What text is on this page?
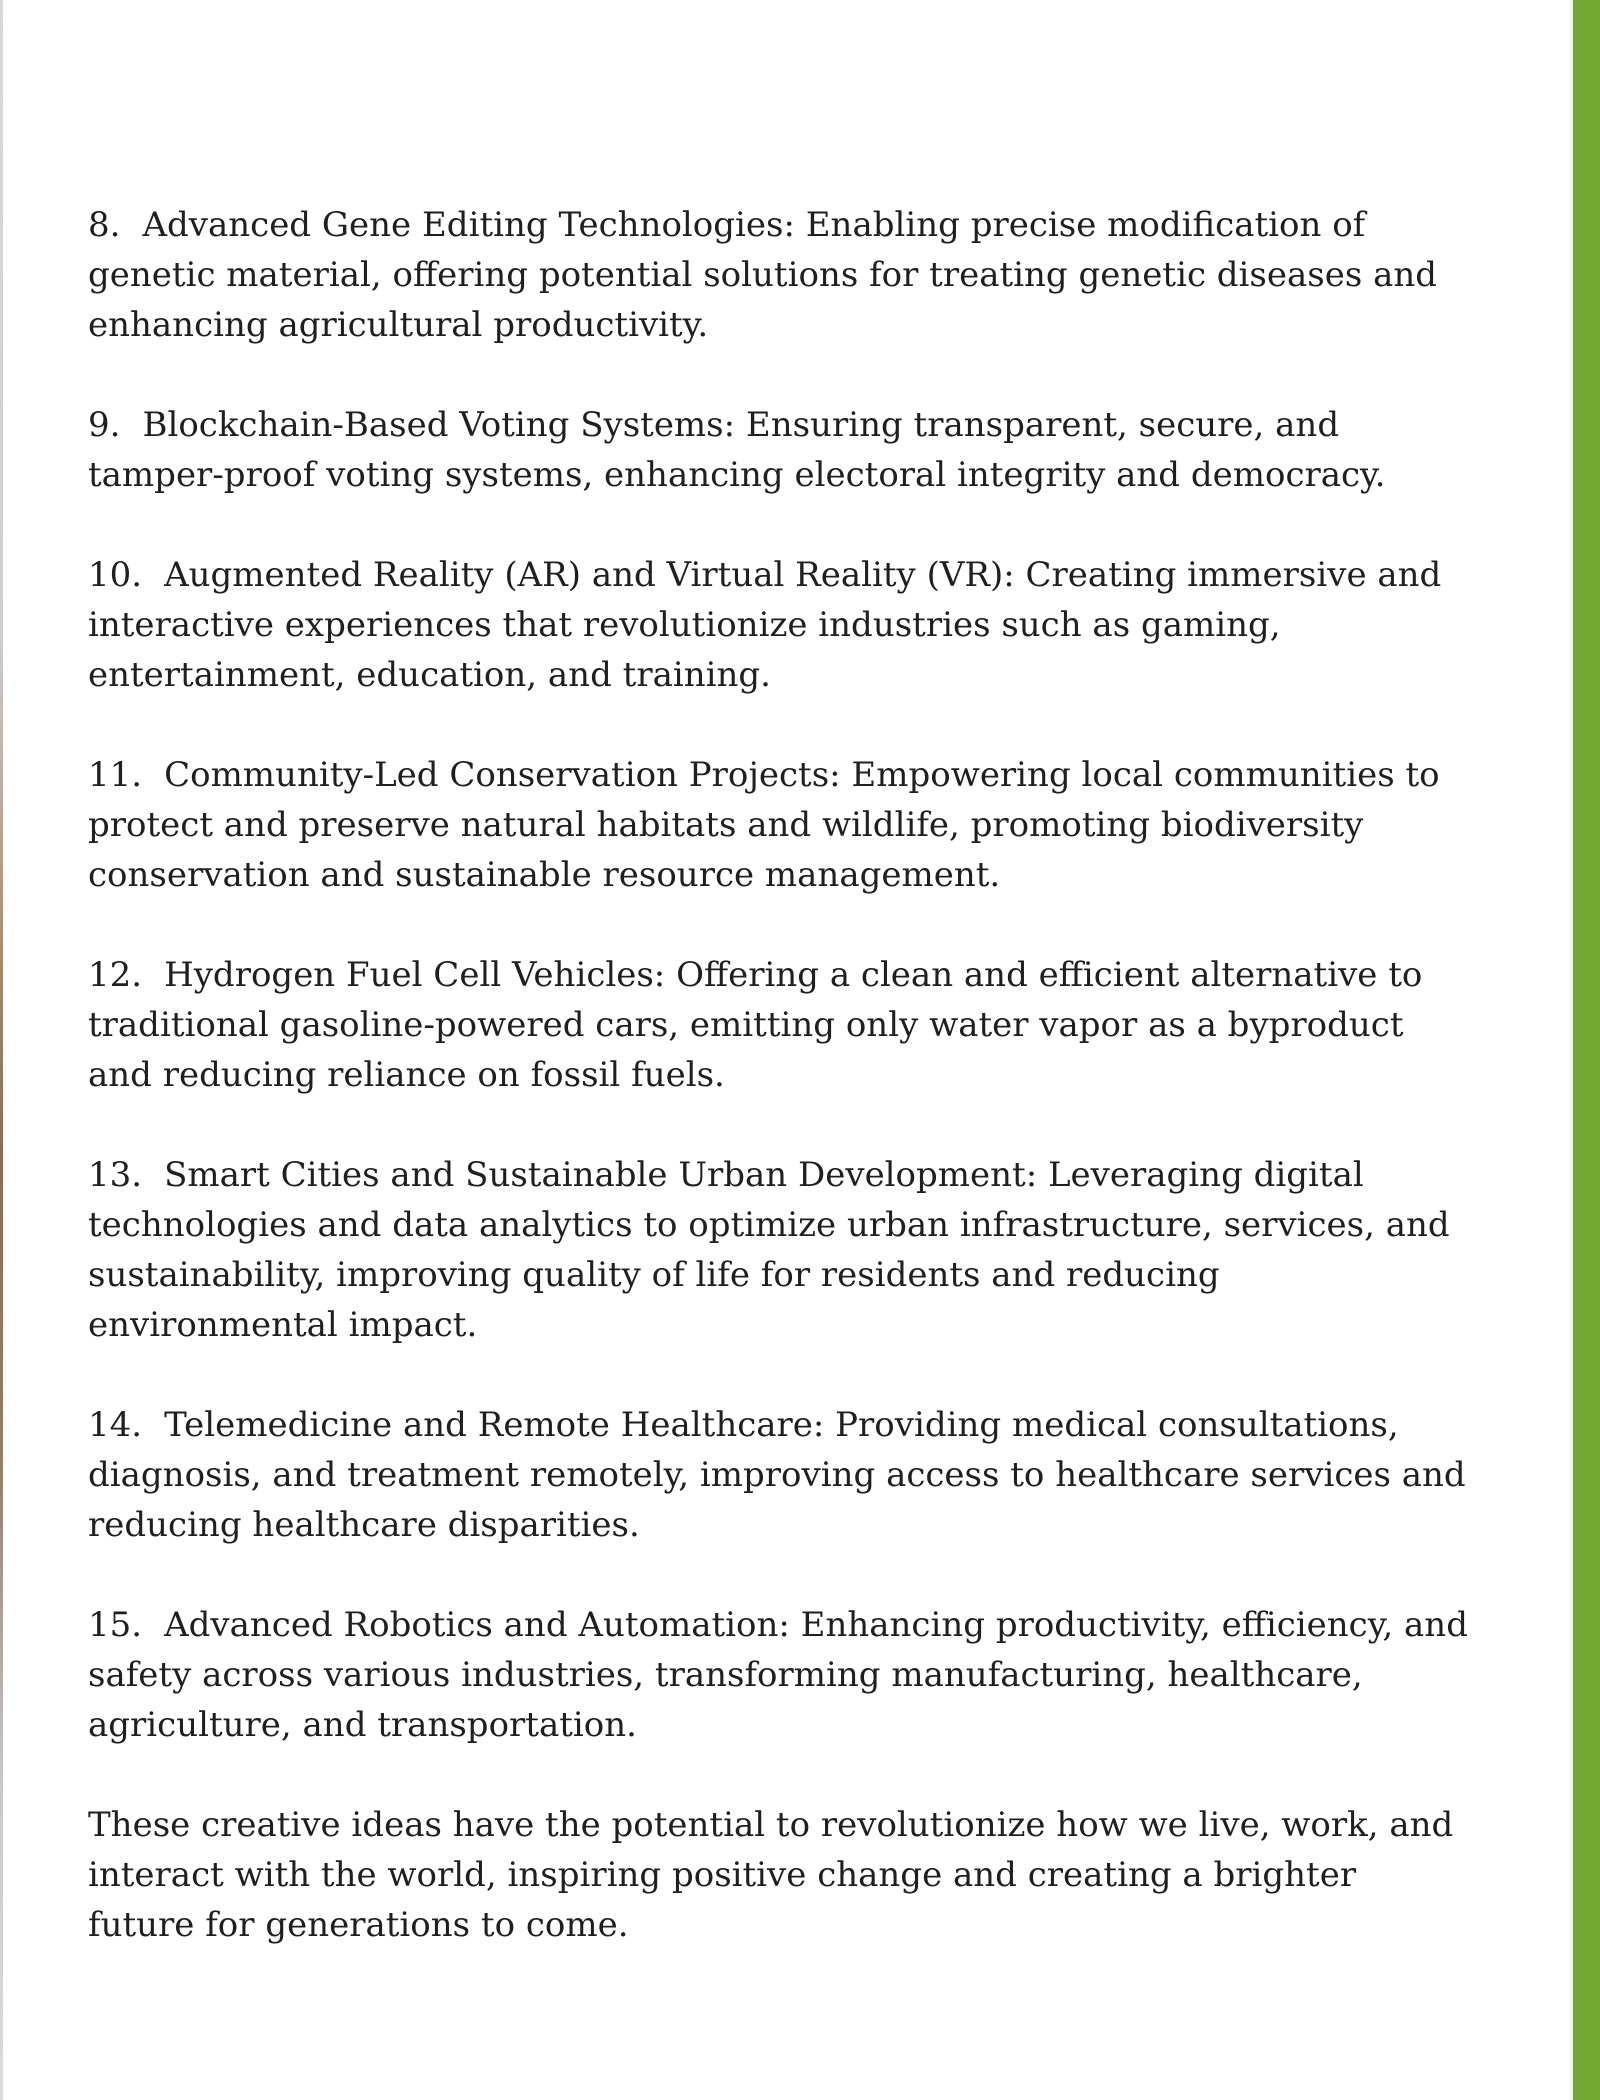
8. Advanced Gene Editing Technologies: Enabling precise modification of genetic material, offering potential solutions for treating genetic diseases and enhancing agricultural productivity.

9. Blockchain-Based Voting Systems: Ensuring transparent, secure, and tamper-proof voting systems, enhancing electoral integrity and democracy.

10. Augmented Reality (AR) and Virtual Reality (VR): Creating immersive and interactive experiences that revolutionize industries such as gaming, entertainment, education, and training.

11. Community-Led Conservation Projects: Empowering local communities to protect and preserve natural habitats and wildlife, promoting biodiversity conservation and sustainable resource management.

12. Hydrogen Fuel Cell Vehicles: Offering a clean and efficient alternative to traditional gasoline-powered cars, emitting only water vapor as a byproduct and reducing reliance on fossil fuels.

13. Smart Cities and Sustainable Urban Development: Leveraging digital technologies and data analytics to optimize urban infrastructure, services, and sustainability, improving quality of life for residents and reducing environmental impact.

14. Telemedicine and Remote Healthcare: Providing medical consultations, diagnosis, and treatment remotely, improving access to healthcare services and reducing healthcare disparities.

15. Advanced Robotics and Automation: Enhancing productivity, efficiency, and safety across various industries, transforming manufacturing, healthcare, agriculture, and transportation.

These creative ideas have the potential to revolutionize how we live, work, and interact with the world, inspiring positive change and creating a brighter future for generations to come.
